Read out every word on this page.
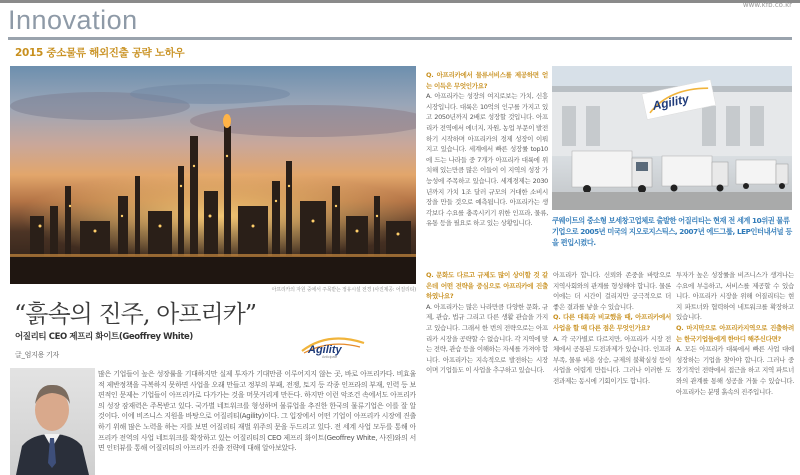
www.kfb.co.kr
Innovation
2015 중소물류 해외진출 공략 노하우
아프리카의 자원 중에서 주목받는 정유시설 전경 (사진제공: 어질리티)
“흙속의 진주, 아프리카”
어질리티 CEO 제프리 화이트(Geoffrey White)
Agility
Anticipate
글_엄지용 기자
많은 기업들이 높은 성장률을 기대하지만 실제 투자가 기대만큼 이루어지지 않는 곳, 바로 아프리카다. 비효율적 제반정책을 극복하지 못하면 사업을 오래 만들고 정부의 부패, 전쟁, 토지 등 각종 인프라의 부재, 인력 등 보편적인 문제는 기업들이 아프리카로 다가가는 것을 머뭇거리게 만든다. 하지만 이런 악조건 속에서도 아프리카의 성장 잠재력은 주목받고 있다. 국가별 네트워크를 형성하며 물류업을 추진한 한국의 물류기업은 이를 잘 알 것이다. 이에 비즈니스 지원을 바탕으로 어질리티(Agility)이다. 그 입장에서 어떤 기업이 아프리카 시장에 진출하기 위해 많은 노력을 하는 지를 보면 어질리티 재벌 위주의 문을 두드리고 있다. 전 세계 사업 모두를 통해 아프리카 전역의 사업 네트워크를 확장하고 있는 어질리티의 CEO 제프리 화이트(Geoffrey White, 사진)와의 서면 인터뷰를 통해 어질리티의 아프리카 진출 전략에 대해 알아보았다.
Q. 아프리카에서 물류서비스를 제공하면 얻는 이득은 무엇인가요?
A. 아프리카는 성장의 여지로보는 가치, 신흥시장입니다. 대륙은 10억의 인구를 가지고 있고 2050년까지 2배로 성장할 것입니다. 아프리카 전역에서 에너지, 자원, 농업 부문이 발전하기 시작하며 아프리카의 경제 성장이 이뤄지고 있습니다. 세계에서 빠른 성장률 top10에 드는 나라들 중 7개가 아프리카 대륙에 위치해 있는만큼 많은 이들이 이 지역의 성장 가능성에 주목하고 있습니다. 세계경제는 2030년까지 가치 1조 달러 규모의 거대한 소비시장을 만들 것으로 예측됩니다. 아프리카는 생각보다 수요를 충족시키기 위한 인프라, 물류, 유통 등을 필요로 하고 있는 상황입니다.
Agility
쿠웨이트의 중소형 보세창고업체로 출발한 어질리티는 현재 전 세계 10위권 물류기업으로 2005년 미국의 지오로지스틱스, 2007년 에드그룹, LEP인터내셔널 등을 편입시켰다.
Q. 문화도 다르고 규제도 많이 상이할 것 같은데 어떤 전략을 중심으로 아프리카에 진출하였나요?
A. 아프리카는 많은 나라만큼 다양한 문화, 규제, 관습, 법규 그리고 다른 생활 관습을 가지고 있습니다. 그래서 한 번의 전략으로는 아프리카 시장을 공략할 수 없습니다. 각 지역에 맞는 전략, 관습 등을 이해하는 자세를 가져야 합니다. 아프리카는 지속적으로 발전하는 시장이며 기업들도 이 사업을 추구하고 있습니다.
아프리카 합니다. 신뢰와 존중을 바탕으로 지역사회와의 관계를 형성해야 합니다. 물론 이에는 더 시간이 걸리지만 궁극적으로 더 좋은 결과를 낳을 수 있습니다.
Q. 다른 대륙과 비교했을 때, 아프리카에서 사업을 할 때 다른 점은 무엇인가요?
A. 각 국가별로 다르지만, 아프리카 시장 전체에서 공통된 도전과제가 있습니다. 인프라 부족, 물류 비용 상승, 규제의 불확실성 등이 사업을 어렵게 만듭니다. 그러나 이러한 도전과제는 동시에 기회이기도 합니다.
투자가 높은 성장률을 비즈니스가 생겨나는 수요에 부응하고, 서비스를 제공할 수 있습니다. 아프리카 시장을 위해 어질리티는 현지 파트너와 협력하여 네트워크를 확장하고 있습니다.
Q. 마지막으로 아프리카지역으로 진출하려는 한국기업들에게 한마디 해주신다면?
A. 모든 아프리카 대륙에서 빠른 사업 대에 성장하는 기업을 찾아야 합니다. 그러나 중장기적인 전략에서 접근을 하고 지역 파트너와의 관계를 통해 성공을 거둘 수 있습니다. 아프리카는 분명 흙속의 진주입니다.
